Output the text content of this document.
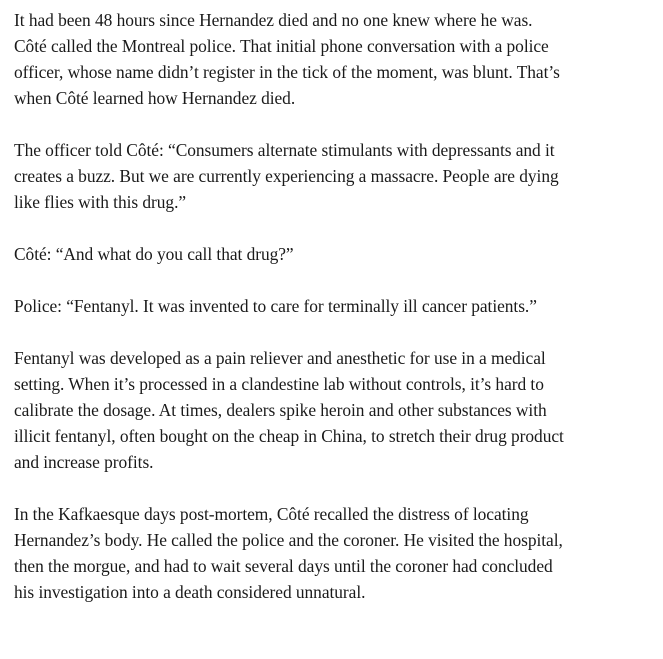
It had been 48 hours since Hernandez died and no one knew where he was.
Côté called the Montreal police. That initial phone conversation with a police
officer, whose name didn’t register in the tick of the moment, was blunt. That’s
when Côté learned how Hernandez died.

The officer told Côté: “Consumers alternate stimulants with depressants and it
creates a buzz. But we are currently experiencing a massacre. People are dying
like flies with this drug.”

Côté: “And what do you call that drug?”

Police: “Fentanyl. It was invented to care for terminally ill cancer patients.”

Fentanyl was developed as a pain reliever and anesthetic for use in a medical
setting. When it’s processed in a clandestine lab without controls, it’s hard to
calibrate the dosage. At times, dealers spike heroin and other substances with
illicit fentanyl, often bought on the cheap in China, to stretch their drug product
and increase profits.

In the Kafkaesque days post-mortem, Côté recalled the distress of locating
Hernandez’s body. He called the police and the coroner. He visited the hospital,
then the morgue, and had to wait several days until the coroner had concluded
his investigation into a death considered unnatural.
